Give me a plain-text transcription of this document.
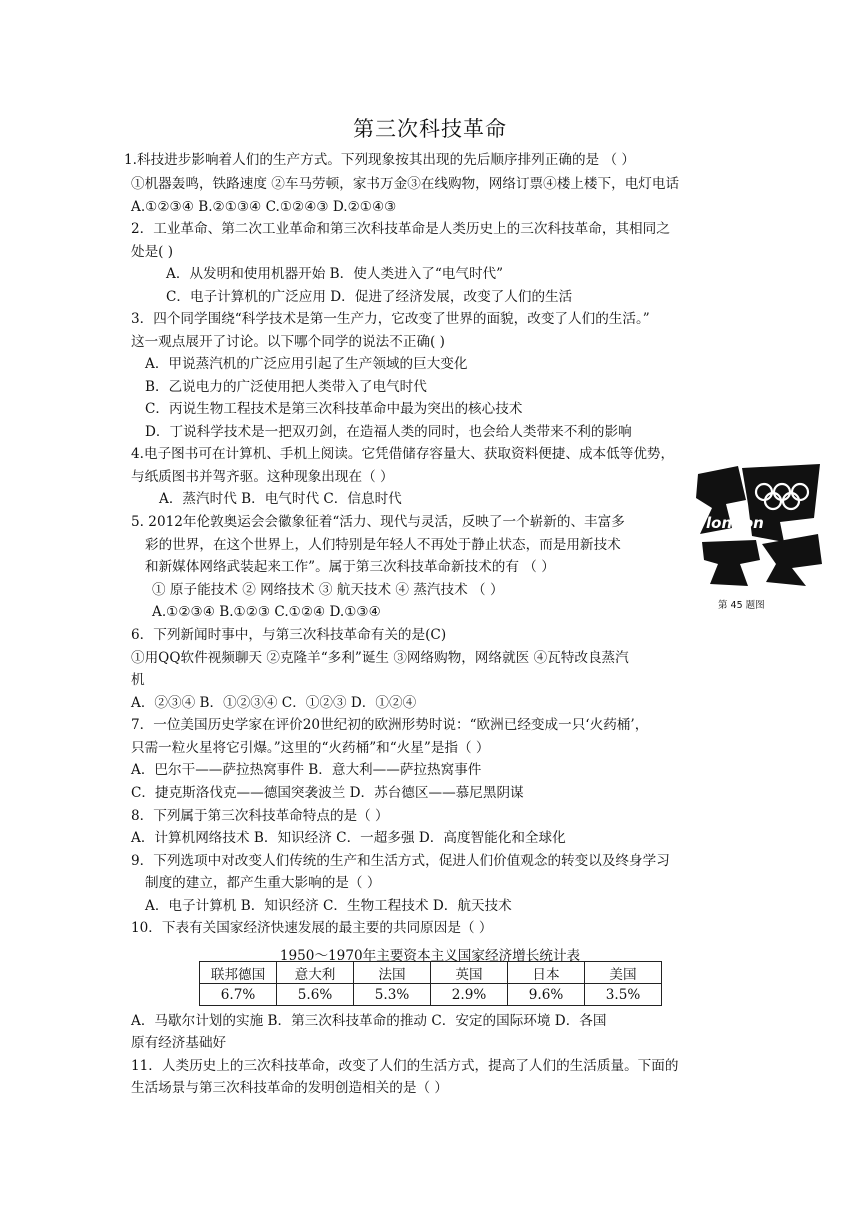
第三次科技革命
1.科技进步影响着人们的生产方式。下列现象按其出现的先后顺序排列正确的是 （ ）
①机器轰鸣，铁路速度 ②车马劳顿，家书万金③在线购物，网络订票④楼上楼下，电灯电话
A.①②③④ B.②①③④ C.①②④③ D.②①④③
2．工业革命、第二次工业革命和第三次科技革命是人类历史上的三次科技革命，其相同之
处是( )
A．从发明和使用机器开始 B．使人类进入了“电气时代”
C．电子计算机的广泛应用 D．促进了经济发展，改变了人们的生活
3．四个同学围绕“科学技术是第一生产力，它改变了世界的面貌，改变了人们的生活。”
这一观点展开了讨论。以下哪个同学的说法不正确( )
A．甲说蒸汽机的广泛应用引起了生产领域的巨大变化
B．乙说电力的广泛使用把人类带入了电气时代
C．丙说生物工程技术是第三次科技革命中最为突出的核心技术
D．丁说科学技术是一把双刃剑，在造福人类的同时，也会给人类带来不利的影响
4.电子图书可在计算机、手机上阅读。它凭借储存容量大、获取资料便捷、成本低等优势，
与纸质图书并驾齐驱。这种现象出现在（ ）
A．蒸汽时代 B．电气时代 C．信息时代
5. 2012年伦敦奥运会会徽象征着“活力、现代与灵活，反映了一个崭新的、丰富多
彩的世界，在这个世界上，人们特别是年轻人不再处于静止状态，而是用新技术
和新媒体网络武装起来工作”。属于第三次科技革命新技术的有 （ ）
① 原子能技术 ② 网络技术 ③ 航天技术 ④ 蒸汽技术 （ ）
A.①②③④ B.①②③ C.①②④ D.①③④
london
第 45 题图
6．下列新闻时事中，与第三次科技革命有关的是(C)
①用QQ软件视频聊天 ②克隆羊“多利”诞生 ③网络购物，网络就医 ④瓦特改良蒸汽
机
A．②③④ B．①②③④ C．①②③ D．①②④
7．一位美国历史学家在评价20世纪初的欧洲形势时说：“欧洲已经变成一只‘火药桶’，
只需一粒火星将它引爆。”这里的“火药桶”和“火星”是指（ ）
A．巴尔干——萨拉热窝事件 B．意大利——萨拉热窝事件
C．捷克斯洛伐克——德国突袭波兰 D．苏台德区——慕尼黑阴谋
8．下列属于第三次科技革命特点的是（ ）
A．计算机网络技术 B．知识经济 C．一超多强 D．高度智能化和全球化
9．下列选项中对改变人们传统的生产和生活方式，促进人们价值观念的转变以及终身学习
制度的建立，都产生重大影响的是（ ）
A．电子计算机 B．知识经济 C．生物工程技术 D．航天技术
10．下表有关国家经济快速发展的最主要的共同原因是（ ）
1950～1970年主要资本主义国家经济增长统计表
联邦德国	意大利	法国	英国	日本	美国
6.7%	5.6%	5.3%	2.9%	9.6%	3.5%
A．马歇尔计划的实施 B．第三次科技革命的推动 C．安定的国际环境 D．各国
原有经济基础好
11．人类历史上的三次科技革命，改变了人们的生活方式，提高了人们的生活质量。下面的
生活场景与第三次科技革命的发明创造相关的是（ ）
